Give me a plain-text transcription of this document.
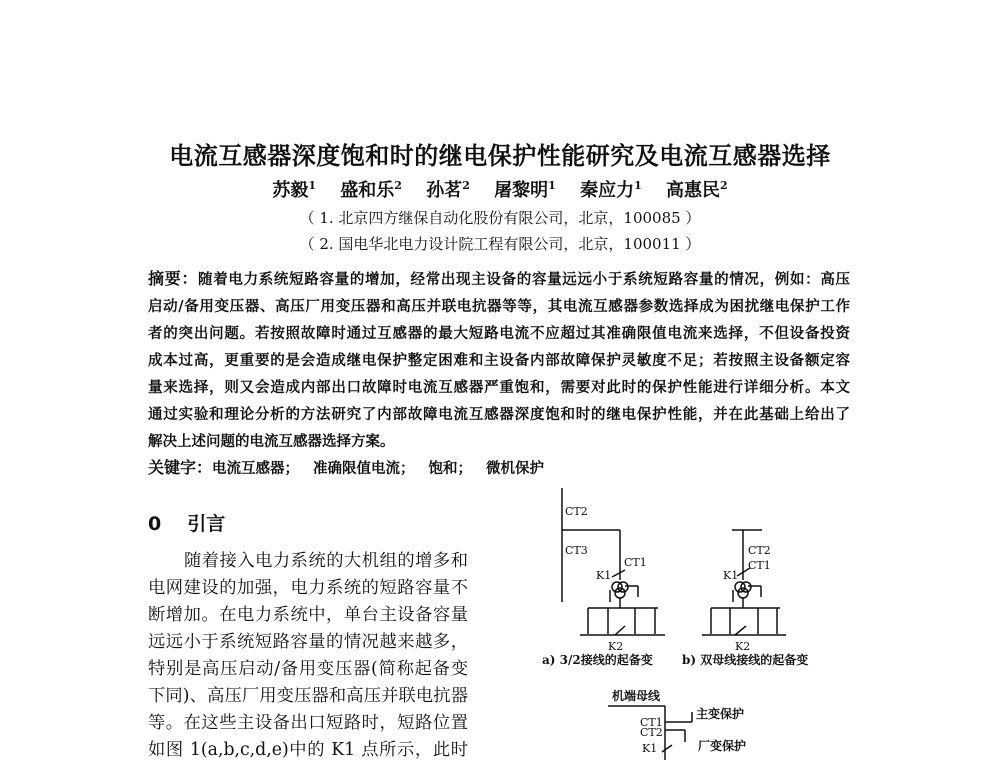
电流互感器深度饱和时的继电保护性能研究及电流互感器选择
苏毅$^1$ 盛和乐$^2$ 孙茗$^2$ 屠黎明$^1$ 秦应力$^1$ 高惠民$^2$
（ 1. 北京四方继保自动化股份有限公司，北京，100085 ）
（ 2. 国电华北电力设计院工程有限公司，北京，100011 ）
摘要：随着电力系统短路容量的增加，经常出现主设备的容量远远小于系统短路容量的情况，例如：高压
启动/备用变压器、高压厂用变压器和高压并联电抗器等等，其电流互感器参数选择成为困扰继电保护工作
者的突出问题。若按照故障时通过互感器的最大短路电流不应超过其准确限值电流来选择，不但设备投资
成本过高，更重要的是会造成继电保护整定困难和主设备内部故障保护灵敏度不足；若按照主设备额定容
量来选择，则又会造成内部出口故障时电流互感器严重饱和，需要对此时的保护性能进行详细分析。本文
通过实验和理论分析的方法研究了内部故障电流互感器深度饱和时的继电保护性能，并在此基础上给出了
解决上述问题的电流互感器选择方案。
关键字：电流互感器； 准确限值电流； 饱和； 微机保护
0 引言
随着接入电力系统的大机组的增多和
电网建设的加强，电力系统的短路容量不
断增加。在电力系统中，单台主设备容量
远远小于系统短路容量的情况越来越多，
特别是高压启动/备用变压器(简称起备变
下同)、高压厂用变压器和高压并联电抗器
等。在这些主设备出口短路时，短路位置
如图 1(a,b,c,d,e)中的 K1 点所示，此时
CT2
CT3
CT1
K1
K2
a) 3/2接线的起备变
CT2
CT1
K1
K2
b) 双母线接线的起备变
机端母线
CT1
CT2
K1
主变保护
厂变保护
